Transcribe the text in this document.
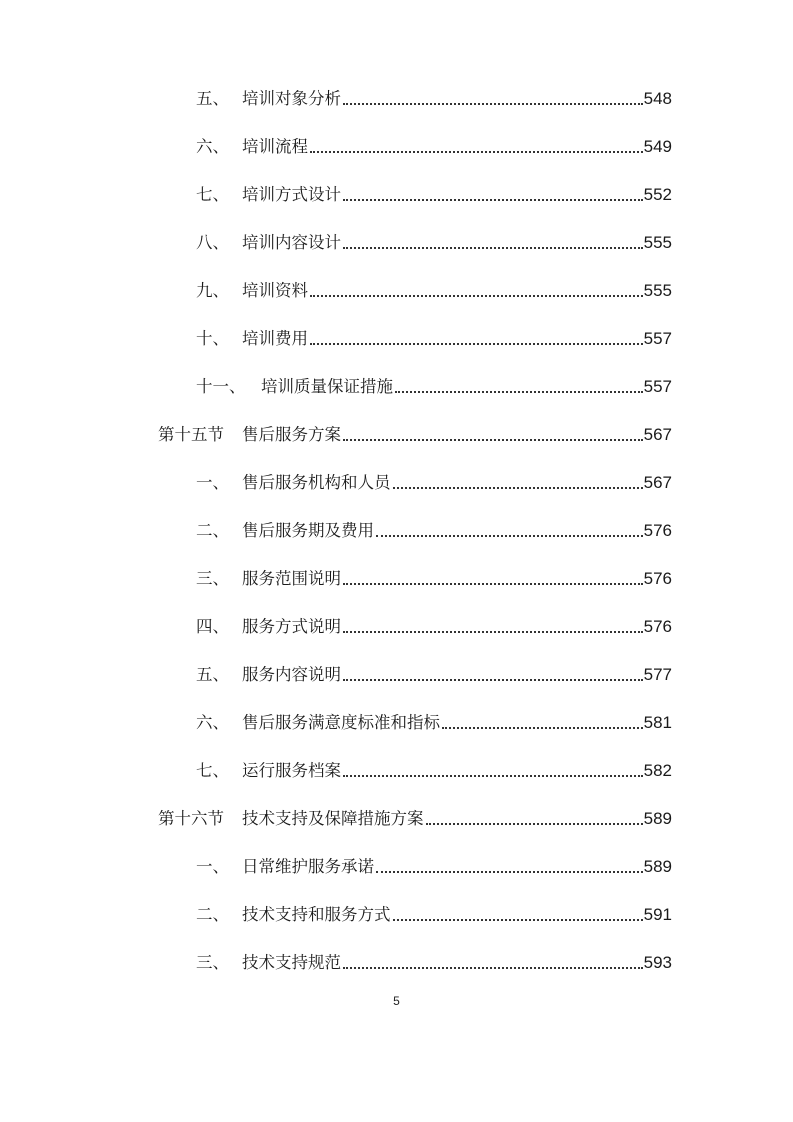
五、 培训对象分析	548
六、 培训流程	549
七、 培训方式设计	552
八、 培训内容设计	555
九、 培训资料	555
十、 培训费用	557
十一、 培训质量保证措施	557
第十五节	售后服务方案	567
一、 售后服务机构和人员	567
二、 售后服务期及费用	576
三、 服务范围说明	576
四、 服务方式说明	576
五、 服务内容说明	577
六、 售后服务满意度标准和指标	581
七、 运行服务档案	582
第十六节	技术支持及保障措施方案	589
一、 日常维护服务承诺	589
二、 技术支持和服务方式	591
三、 技术支持规范	593
5
